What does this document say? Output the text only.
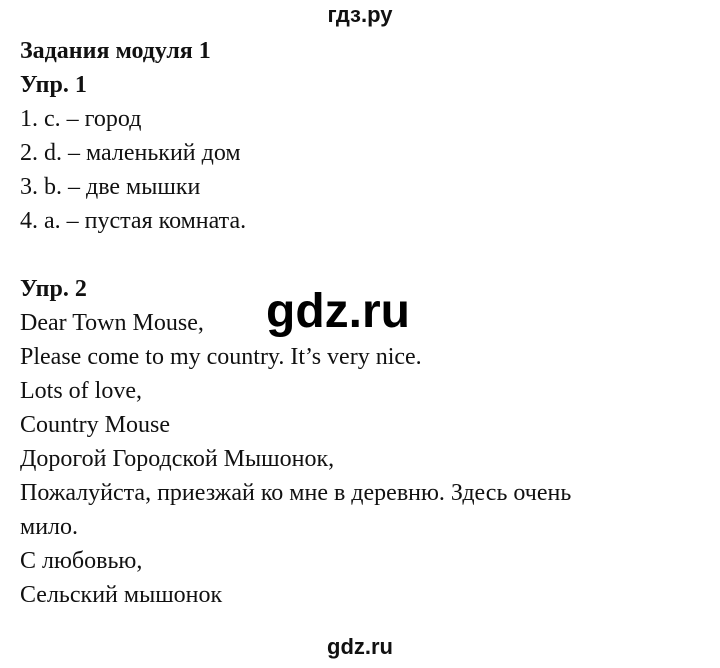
гдз.ру
Задания модуля 1
Упр. 1
1. c. – город
2. d. – маленький дом
3. b. – две мышки
4. a. – пустая комната.
Упр. 2
Dear Town Mouse,
Please come to my country. It’s very nice.
Lots of love,
Country Mouse
Дорогой Городской Мышонок,
Пожалуйста, приезжай ко мне в деревню. Здесь очень
мило.
С любовью,
Сельский мышонок
gdz.ru
gdz.ru
